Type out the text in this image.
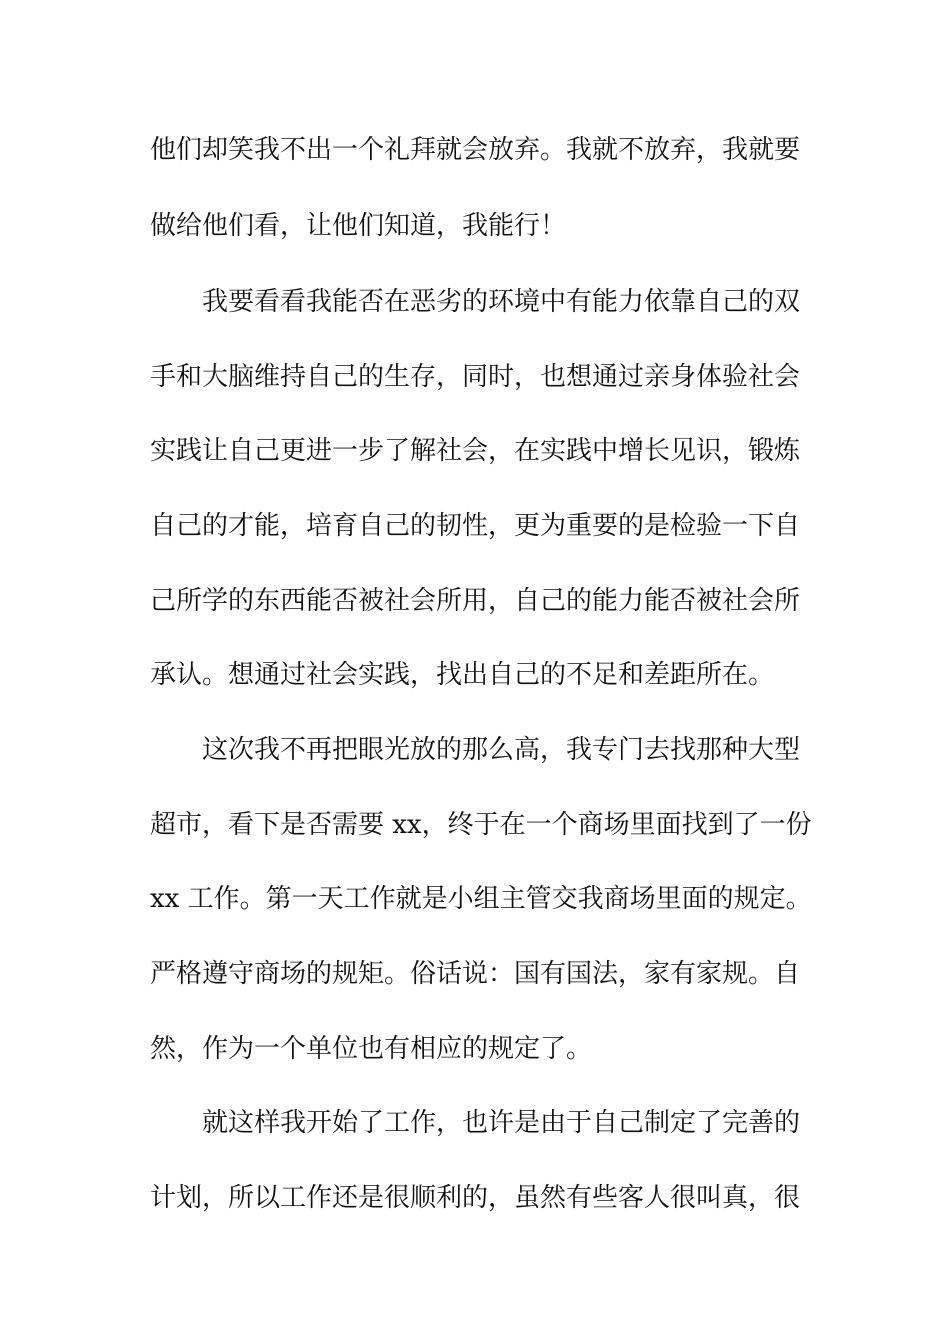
他们却笑我不出一个礼拜就会放弃。我就不放弃，我就要
做给他们看，让他们知道，我能行！
我要看看我能否在恶劣的环境中有能力依靠自己的双
手和大脑维持自己的生存，同时，也想通过亲身体验社会
实践让自己更进一步了解社会，在实践中增长见识，锻炼
自己的才能，培育自己的韧性，更为重要的是检验一下自
己所学的东西能否被社会所用，自己的能力能否被社会所
承认。想通过社会实践，找出自己的不足和差距所在。
这次我不再把眼光放的那么高，我专门去找那种大型
超市，看下是否需要 xx，终于在一个商场里面找到了一份
xx 工作。第一天工作就是小组主管交我商场里面的规定。
严格遵守商场的规矩。俗话说：国有国法，家有家规。自
然，作为一个单位也有相应的规定了。
就这样我开始了工作，也许是由于自己制定了完善的
计划，所以工作还是很顺利的，虽然有些客人很叫真，很
